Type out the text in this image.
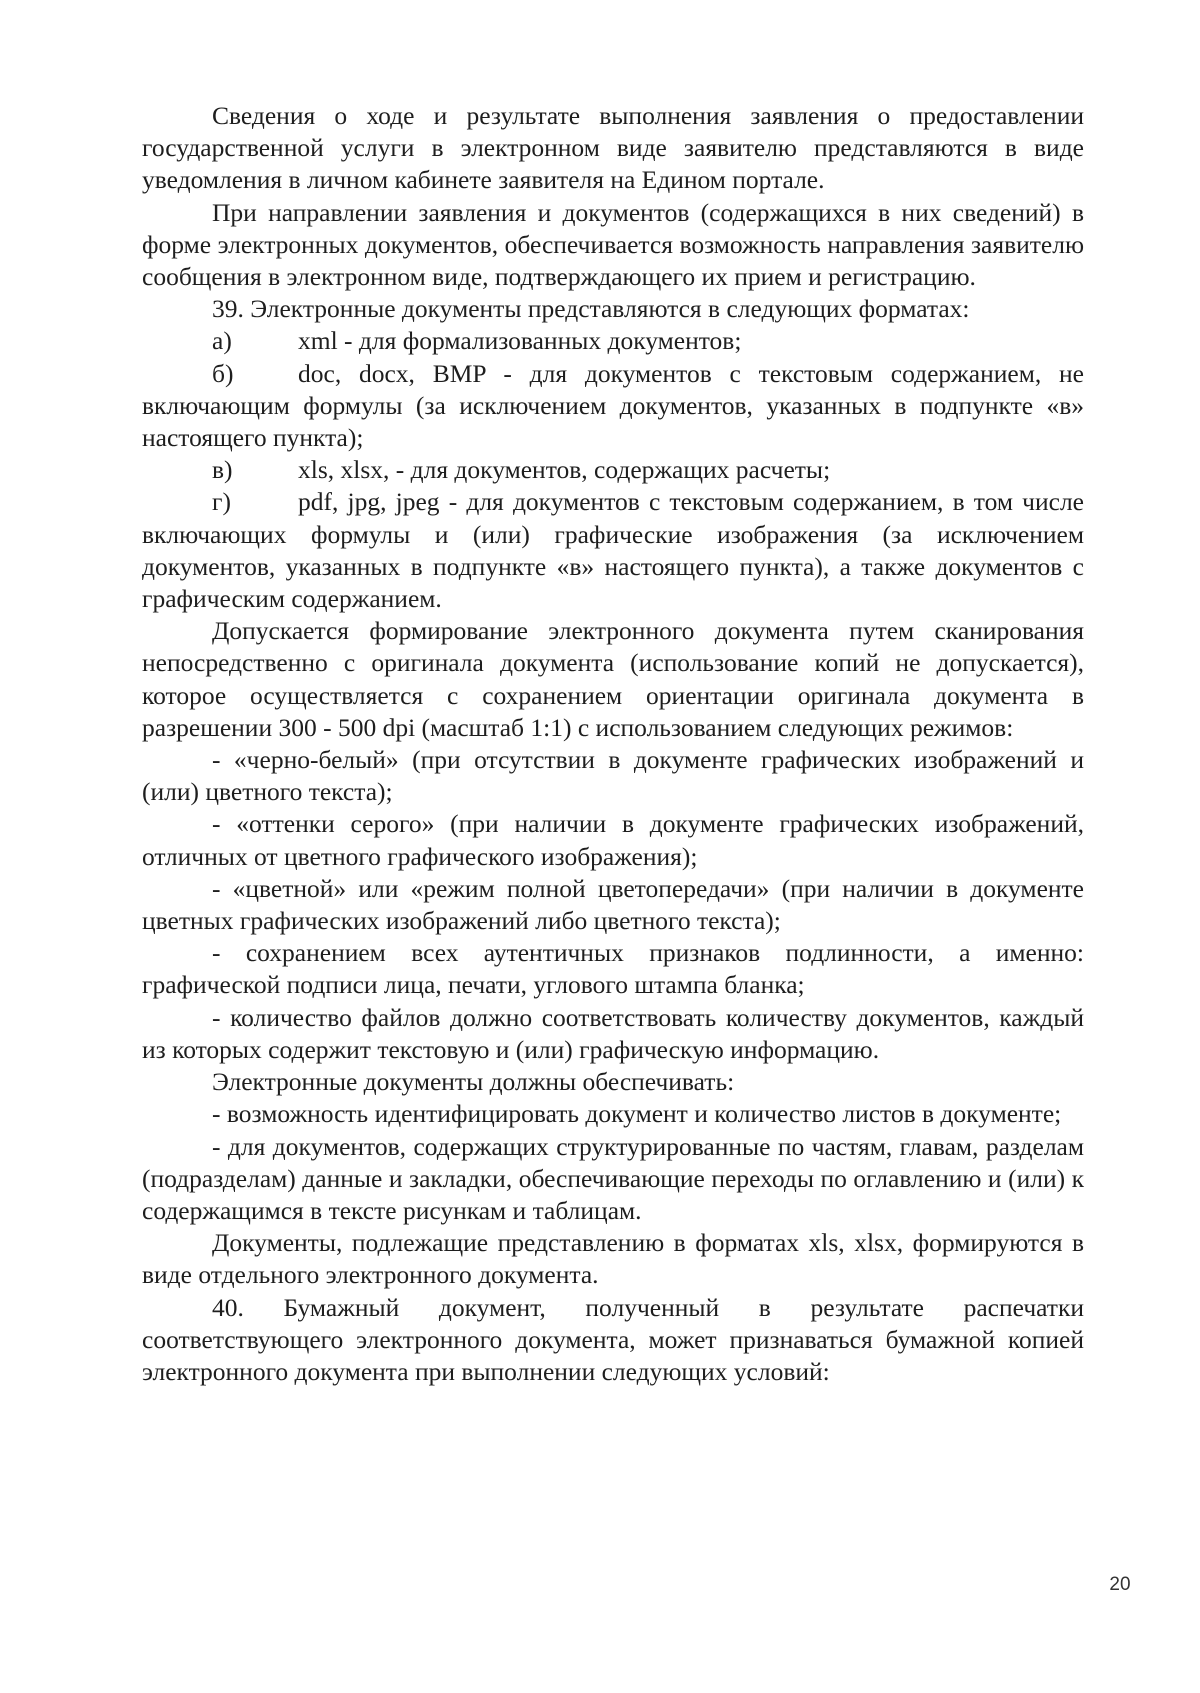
Сведения о ходе и результате выполнения заявления о предоставлении государственной услуги в электронном виде заявителю представляются в виде уведомления в личном кабинете заявителя на Едином портале.

При направлении заявления и документов (содержащихся в них сведений) в форме электронных документов, обеспечивается возможность направления заявителю сообщения в электронном виде, подтверждающего их прием и регистрацию.

39. Электронные документы представляются в следующих форматах:

а)	xml - для формализованных документов;

б)	doc, docx, BMP - для документов с текстовым содержанием, не включающим формулы (за исключением документов, указанных в подпункте «в» настоящего пункта);

в)	xls, xlsx, - для документов, содержащих расчеты;

г)	pdf, jpg, jpeg - для документов с текстовым содержанием, в том числе включающих формулы и (или) графические изображения (за исключением документов, указанных в подпункте «в» настоящего пункта), а также документов с графическим содержанием.

Допускается формирование электронного документа путем сканирования непосредственно с оригинала документа (использование копий не допускается), которое осуществляется с сохранением ориентации оригинала документа в разрешении 300 - 500 dpi (масштаб 1:1) с использованием следующих режимов:

- «черно-белый» (при отсутствии в документе графических изображений и (или) цветного текста);

- «оттенки серого» (при наличии в документе графических изображений, отличных от цветного графического изображения);

- «цветной» или «режим полной цветопередачи» (при наличии в документе цветных графических изображений либо цветного текста);

- сохранением всех аутентичных признаков подлинности, а именно: графической подписи лица, печати, углового штампа бланка;

- количество файлов должно соответствовать количеству документов, каждый из которых содержит текстовую и (или) графическую информацию.

Электронные документы должны обеспечивать:

- возможность идентифицировать документ и количество листов в документе;

- для документов, содержащих структурированные по частям, главам, разделам (подразделам) данные и закладки, обеспечивающие переходы по оглавлению и (или) к содержащимся в тексте рисункам и таблицам.

Документы, подлежащие представлению в форматах xls, xlsx, формируются в виде отдельного электронного документа.

40. Бумажный документ, полученный в результате распечатки соответствующего электронного документа, может признаваться бумажной копией электронного документа при выполнении следующих условий:

20
